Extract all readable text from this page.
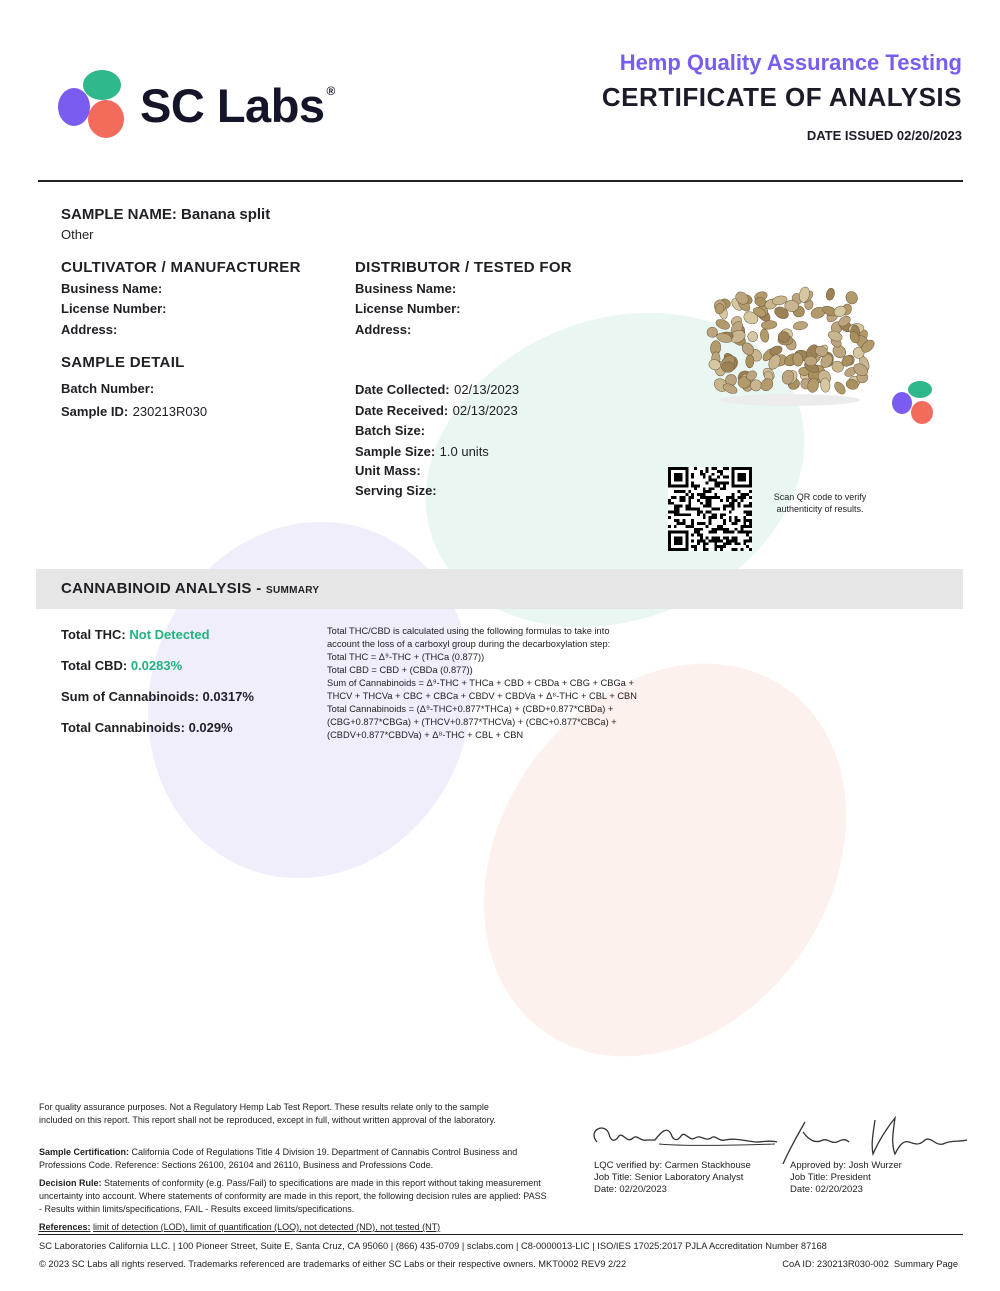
SC Labs ®
Hemp Quality Assurance Testing
CERTIFICATE OF ANALYSIS
DATE ISSUED 02/20/2023
SAMPLE NAME: Banana split
Other
CULTIVATOR / MANUFACTURER
Business Name:
License Number:
Address:
DISTRIBUTOR / TESTED FOR
Business Name:
License Number:
Address:
SAMPLE DETAIL
Batch Number:
Sample ID: 230213R030
Date Collected: 02/13/2023
Date Received: 02/13/2023
Batch Size:
Sample Size: 1.0 units
Unit Mass:
Serving Size:	Scan QR code to verify authenticity of results.
CANNABINOID ANALYSIS - SUMMARY
Total THC: Not Detected
Total CBD: 0.0283%
Sum of Cannabinoids: 0.0317%
Total Cannabinoids: 0.029%
Total THC/CBD is calculated using the following formulas to take into
account the loss of a carboxyl group during the decarboxylation step:
Total THC = Δ⁹-THC + (THCa (0.877))
Total CBD = CBD + (CBDa (0.877))
Sum of Cannabinoids = Δ⁹-THC + THCa + CBD + CBDa + CBG + CBGa +
THCV + THCVa + CBC + CBCa + CBDV + CBDVa + Δ⁸-THC + CBL + CBN
Total Cannabinoids = (Δ⁹-THC+0.877*THCa) + (CBD+0.877*CBDa) +
(CBG+0.877*CBGa) + (THCV+0.877*THCVa) + (CBC+0.877*CBCa) +
(CBDV+0.877*CBDVa) + Δ⁸-THC + CBL + CBN
For quality assurance purposes. Not a Regulatory Hemp Lab Test Report. These results relate only to the sample included on this report. This report shall not be reproduced, except in full, without written approval of the laboratory.
Sample Certification: California Code of Regulations Title 4 Division 19. Department of Cannabis Control Business and Professions Code. Reference: Sections 26100, 26104 and 26110, Business and Professions Code.
Decision Rule: Statements of conformity (e.g. Pass/Fail) to specifications are made in this report without taking measurement uncertainty into account. Where statements of conformity are made in this report, the following decision rules are applied: PASS - Results within limits/specifications, FAIL - Results exceed limits/specifications.
References: limit of detection (LOD), limit of quantification (LOQ), not detected (ND), not tested (NT)
LQC verified by: Carmen Stackhouse
Job Title: Senior Laboratory Analyst
Date: 02/20/2023
Approved by: Josh Wurzer
Job Title: President
Date: 02/20/2023
SC Laboratories California LLC. | 100 Pioneer Street, Suite E, Santa Cruz, CA 95060 | (866) 435-0709 | sclabs.com | C8-0000013-LIC | ISO/IES 17025:2017 PJLA Accreditation Number 87168
© 2023 SC Labs all rights reserved. Trademarks referenced are trademarks of either SC Labs or their respective owners. MKT0002 REV9 2/22	CoA ID: 230213R030-002  Summary Page
